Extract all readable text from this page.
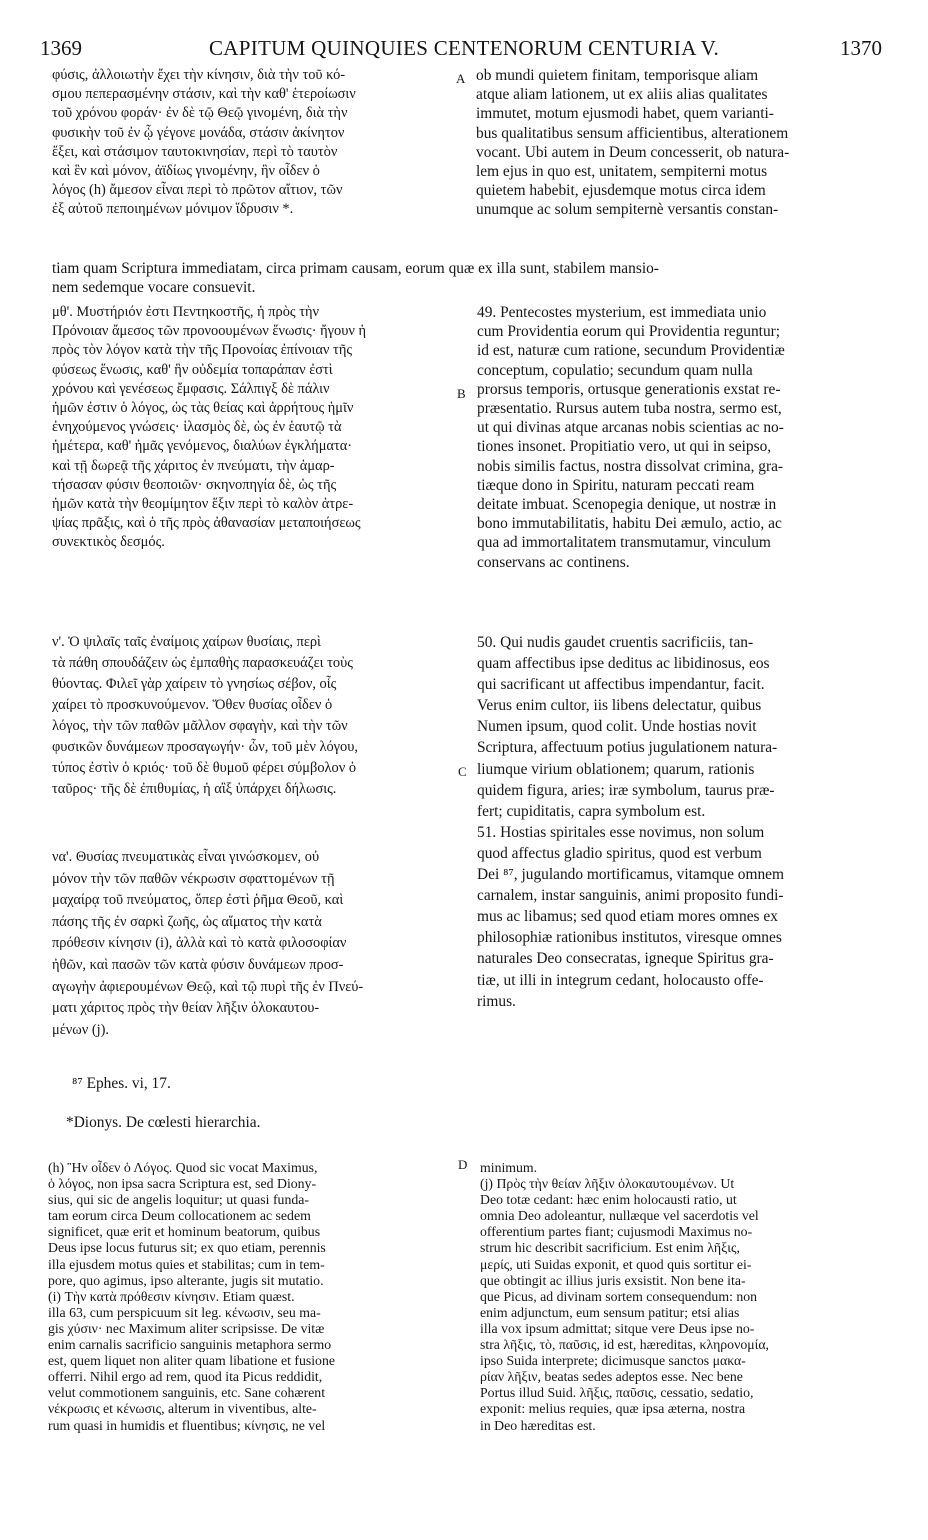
1369	CAPITUM QUINQUIES CENTENORUM CENTURIA V.	1370
A
B
C
D

φύσις, ἀλλοιωτὴν ἔχει τὴν κίνησιν, διὰ τὴν τοῦ κό-

σμου πεπερασμένην στάσιν, καὶ τὴν καθ' ἑτεροίωσιν

τοῦ χρόνου φοράν· ἐν δὲ τῷ Θεῷ γινομένη, διὰ τὴν

φυσικὴν τοῦ ἐν ᾧ γέγονε μονάδα, στάσιν ἀκίνητον

ἕξει, καὶ στάσιμον ταυτοκινησίαν, περὶ τὸ ταυτὸν

καὶ ἓν καὶ μόνον, ἀϊδίως γινομένην, ἣν οἶδεν ὁ

λόγος (h) ἄμεσον εἶναι περὶ τὸ πρῶτον αἴτιον, τῶν

ἐξ αὐτοῦ πεποιημένων μόνιμον ἵδρυσιν *.

ob mundi quietem finitam, temporisque aliam

atque aliam lationem, ut ex aliis alias qualitates

immutet, motum ejusmodi habet, quem varianti-

bus qualitatibus sensum afficientibus, alterationem

vocant. Ubi autem in Deum concesserit, ob natura-

lem ejus in quo est, unitatem, sempiterni motus

quietem habebit, ejusdemque motus circa idem

unumque ac solum sempiternè versantis constan-

tiam quam Scriptura immediatam, circa primam causam, eorum quæ ex illa sunt, stabilem mansio-

nem sedemque vocare consuevit.

μθ'. Μυστήριόν ἐστι Πεντηκοστῆς, ἡ πρὸς τὴν

Πρόνοιαν ἄμεσος τῶν προνοουμένων ἕνωσις· ἤγουν ἡ

πρὸς τὸν λόγον κατὰ τὴν τῆς Προνοίας ἐπίνοιαν τῆς

φύσεως ἕνωσις, καθ' ἣν οὐδεμία τοπαράπαν ἐστὶ

χρόνου καὶ γενέσεως ἔμφασις. Σάλπιγξ δὲ πάλιν

ἡμῶν ἐστιν ὁ λόγος, ὡς τὰς θείας καὶ ἀρρήτους ἡμῖν

ἐνηχούμενος γνώσεις· ἱλασμὸς δὲ, ὡς ἐν ἑαυτῷ τὰ

ἡμέτερα, καθ' ἡμᾶς γενόμενος, διαλύων ἐγκλήματα·

καὶ τῇ δωρεᾷ τῆς χάριτος ἐν πνεύματι, τὴν ἁμαρ-

τήσασαν φύσιν θεοποιῶν· σκηνοπηγία δὲ, ὡς τῆς

ἡμῶν κατὰ τὴν θεομίμητον ἕξιν περὶ τὸ καλὸν ἀτρε-

ψίας πρᾶξις, καὶ ὁ τῆς πρὸς ἀθανασίαν μεταποιήσεως

συνεκτικὸς δεσμός.

49. Pentecostes mysterium, est immediata unio

cum Providentia eorum qui Providentia reguntur;

id est, naturæ cum ratione, secundum Providentiæ

conceptum, copulatio; secundum quam nulla

prorsus temporis, ortusque generationis exstat re-

præsentatio. Rursus autem tuba nostra, sermo est,

ut qui divinas atque arcanas nobis scientias ac no-

tiones insonet. Propitiatio vero, ut qui in seipso,

nobis similis factus, nostra dissolvat crimina, gra-

tiæque dono in Spiritu, naturam peccati ream

deitate imbuat. Scenopegia denique, ut nostræ in

bono immutabilitatis, habitu Dei æmulo, actio, ac

qua ad immortalitatem transmutamur, vinculum

conservans ac continens.

ν'. Ὁ ψιλαῖς ταῖς ἐναίμοις χαίρων θυσίαις, περὶ

τὰ πάθη σπουδάζειν ὡς ἐμπαθὴς παρασκευάζει τοὺς

θύοντας. Φιλεῖ γὰρ χαίρειν τὸ γνησίως σέβον, οἷς

χαίρει τὸ προσκυνούμενον. Ὅθεν θυσίας οἶδεν ὁ

λόγος, τὴν τῶν παθῶν μᾶλλον σφαγὴν, καὶ τὴν τῶν

φυσικῶν δυνάμεων προσαγωγήν· ὧν, τοῦ μὲν λόγου,

τύπος ἐστὶν ὁ κριός· τοῦ δὲ θυμοῦ φέρει σύμβολον ὁ

ταῦρος· τῆς δὲ ἐπιθυμίας, ἡ αἲξ ὑπάρχει δήλωσις.

50. Qui nudis gaudet cruentis sacrificiis, tan-

quam affectibus ipse deditus ac libidinosus, eos

qui sacrificant ut affectibus impendantur, facit.

Verus enim cultor, iis libens delectatur, quibus

Numen ipsum, quod colit. Unde hostias novit

Scriptura, affectuum potius jugulationem natura-

liumque virium oblationem; quarum, rationis

quidem figura, aries; iræ symbolum, taurus præ-

fert; cupiditatis, capra symbolum est.

51. Hostias spiritales esse novimus, non solum

quod affectus gladio spiritus, quod est verbum

Dei ⁸⁷, jugulando mortificamus, vitamque omnem

carnalem, instar sanguinis, animi proposito fundi-

mus ac libamus; sed quod etiam mores omnes ex

philosophiæ rationibus institutos, viresque omnes

naturales Deo consecratas, igneque Spiritus gra-

tiæ, ut illi in integrum cedant, holocausto offe-

rimus.

να'. Θυσίας πνευματικὰς εἶναι γινώσκομεν, οὐ

μόνον τὴν τῶν παθῶν νέκρωσιν σφαττομένων τῇ

μαχαίρᾳ τοῦ πνεύματος, ὅπερ ἐστὶ ῥῆμα Θεοῦ, καὶ

πάσης τῆς ἐν σαρκὶ ζωῆς, ὡς αἵματος τὴν κατὰ

πρόθεσιν κίνησιν (i), ἀλλὰ καὶ τὸ κατὰ φιλοσοφίαν

ἠθῶν, καὶ πασῶν τῶν κατὰ φύσιν δυνάμεων προσ-

αγωγὴν ἀφιερουμένων Θεῷ, καὶ τῷ πυρὶ τῆς ἐν Πνεύ-

ματι χάριτος πρὸς τὴν θείαν λῆξιν ὁλοκαυτου-

μένων (j).

⁸⁷ Ephes. vi, 17.
*Dionys. De cœlesti hierarchia.

(h) Ἣν οἶδεν ὁ Λόγος. Quod sic vocat Maximus,

ὁ λόγος, non ipsa sacra Scriptura est, sed Diony-

sius, qui sic de angelis loquitur; ut quasi funda-

tam eorum circa Deum collocationem ac sedem

significet, quæ erit et hominum beatorum, quibus

Deus ipse locus futurus sit; ex quo etiam, perennis

illa ejusdem motus quies et stabilitas; cum in tem-

pore, quo agimus, ipso alterante, jugis sit mutatio.

(i) Τὴν κατὰ πρόθεσιν κίνησιν. Etiam quæst.

illa 63, cum perspicuum sit leg. κένωσιν, seu ma-

gis χύσιν· nec Maximum aliter scripsisse. De vitæ

enim carnalis sacrificio sanguinis metaphora sermo

est, quem liquet non aliter quam libatione et fusione

offerri. Nihil ergo ad rem, quod ita Picus reddidit,

velut commotionem sanguinis, etc. Sane cohærent

νέκρωσις et κένωσις, alterum in viventibus, alte-

rum quasi in humidis et fluentibus; κίνησις, ne vel

minimum.

(j) Πρὸς τὴν θείαν λῆξιν ὁλοκαυτουμένων. Ut

Deo totæ cedant: hæc enim holocausti ratio, ut

omnia Deo adoleantur, nullæque vel sacerdotis vel

offerentium partes fiant; cujusmodi Maximus no-

strum hic describit sacrificium. Est enim λῆξις,

μερίς, uti Suidas exponit, et quod quis sortitur ei-

que obtingit ac illius juris exsistit. Non bene ita-

que Picus, ad divinam sortem consequendum: non

enim adjunctum, eum sensum patitur; etsi alias

illa vox ipsum admittat; sitque vere Deus ipse no-

stra λῆξις, τὸ, παῦσις, id est, hæreditas, κληρονομία,

ipso Suida interprete; dicimusque sanctos μακα-

ρίαν λῆξιν, beatas sedes adeptos esse. Nec bene

Portus illud Suid. λῆξις, παῦσις, cessatio, sedatio,

exponit: melius requies, quæ ipsa æterna, nostra

in Deo hæreditas est.
